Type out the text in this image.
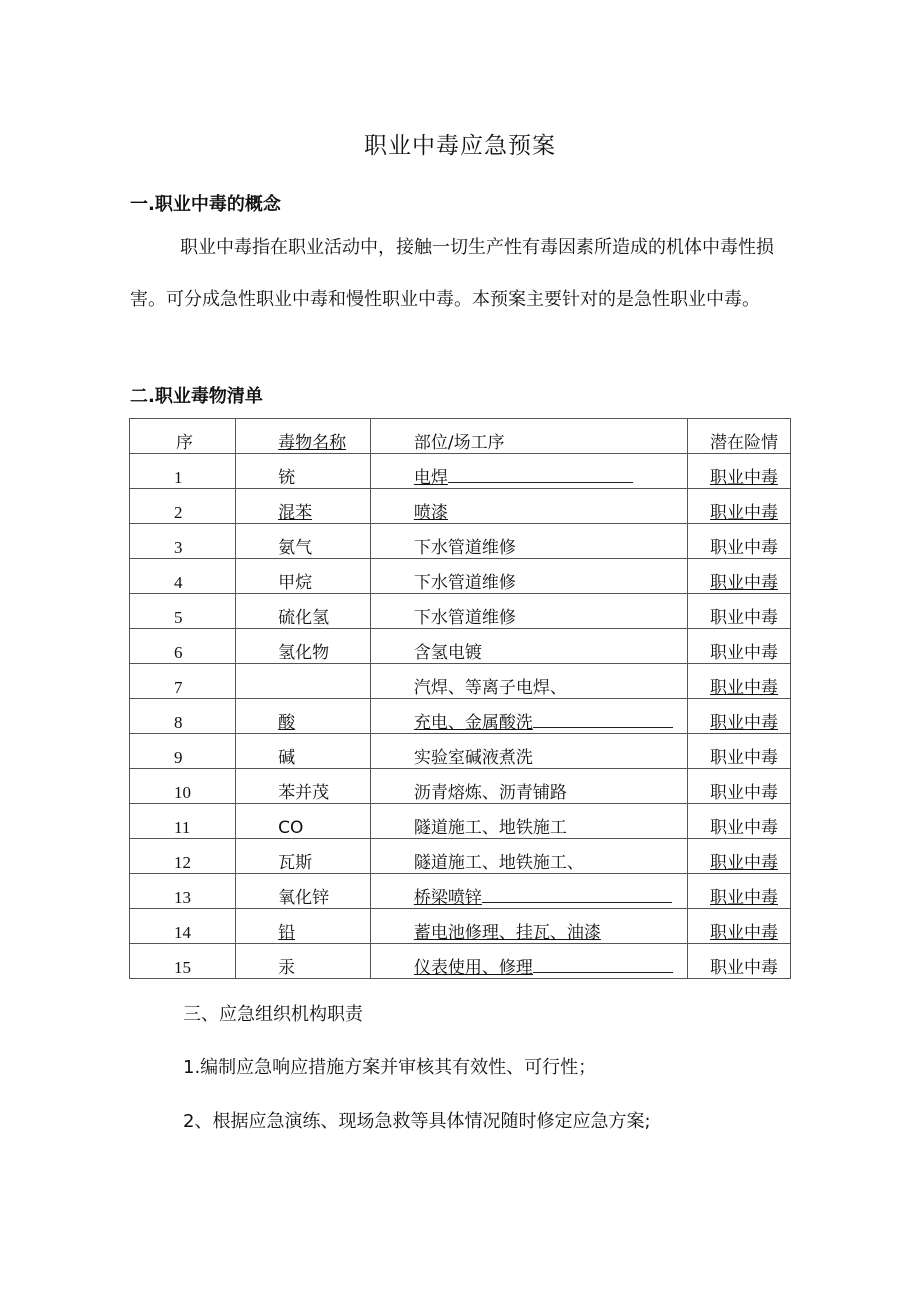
职业中毒应急预案
一.职业中毒的概念
职业中毒指在职业活动中，接触一切生产性有毒因素所造成的机体中毒性损害。可分成急性职业中毒和慢性职业中毒。本预案主要针对的是急性职业中毒。
二.职业毒物清单
序	毒物名称	部位/场工序	潜在险情
1	铳	电焊	职业中毒
2	混苯	喷漆	职业中毒
3	氨气	下水管道维修	职业中毒
4	甲烷	下水管道维修	职业中毒
5	硫化氢	下水管道维修	职业中毒
6	氢化物	含氢电镀	职业中毒
7		汽焊、等离子电焊、	职业中毒
8	酸	充电、金属酸洗	职业中毒
9	碱	实验室碱液煮洗	职业中毒
10	苯并茂	沥青熔炼、沥青铺路	职业中毒
11	CO	隧道施工、地铁施工	职业中毒
12	瓦斯	隧道施工、地铁施工、	职业中毒
13	氧化锌	桥梁喷锌	职业中毒
14	铅	蓄电池修理、挂瓦、油漆	职业中毒
15	汞	仪表使用、修理	职业中毒
三、应急组织机构职责
1.编制应急响应措施方案并审核其有效性、可行性；
2、根据应急演练、现场急救等具体情况随时修定应急方案;
